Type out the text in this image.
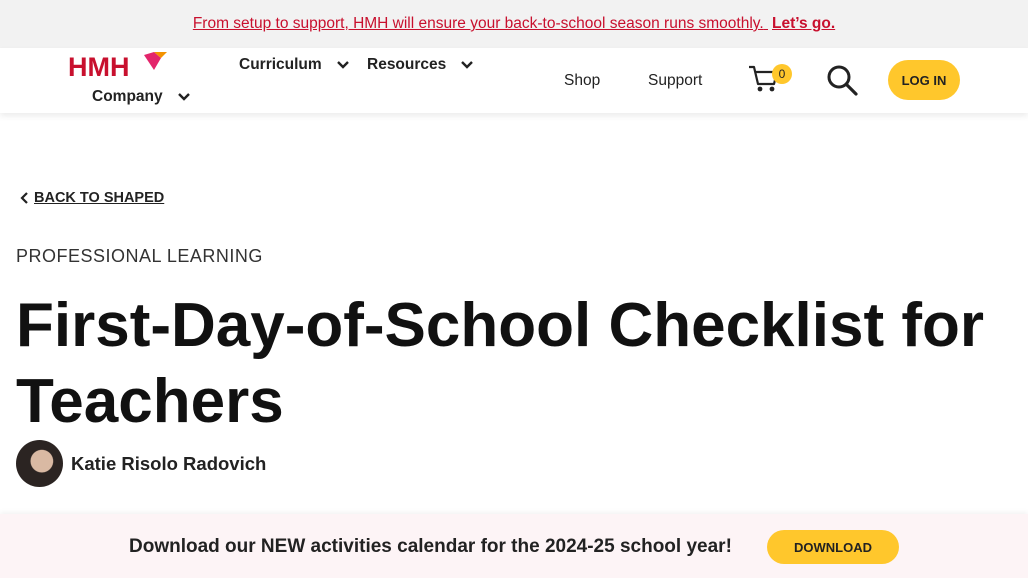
From setup to support, HMH will ensure your back-to-school season runs smoothly. Let’s go.
HMH	Curriculum	Resources
Company
Shop	Support	0	LOG IN
BACK TO SHAPED
PROFESSIONAL LEARNING
First-Day-of-School Checklist for Teachers
Katie Risolo Radovich
Download our NEW activities calendar for the 2024-25 school year!	DOWNLOAD
